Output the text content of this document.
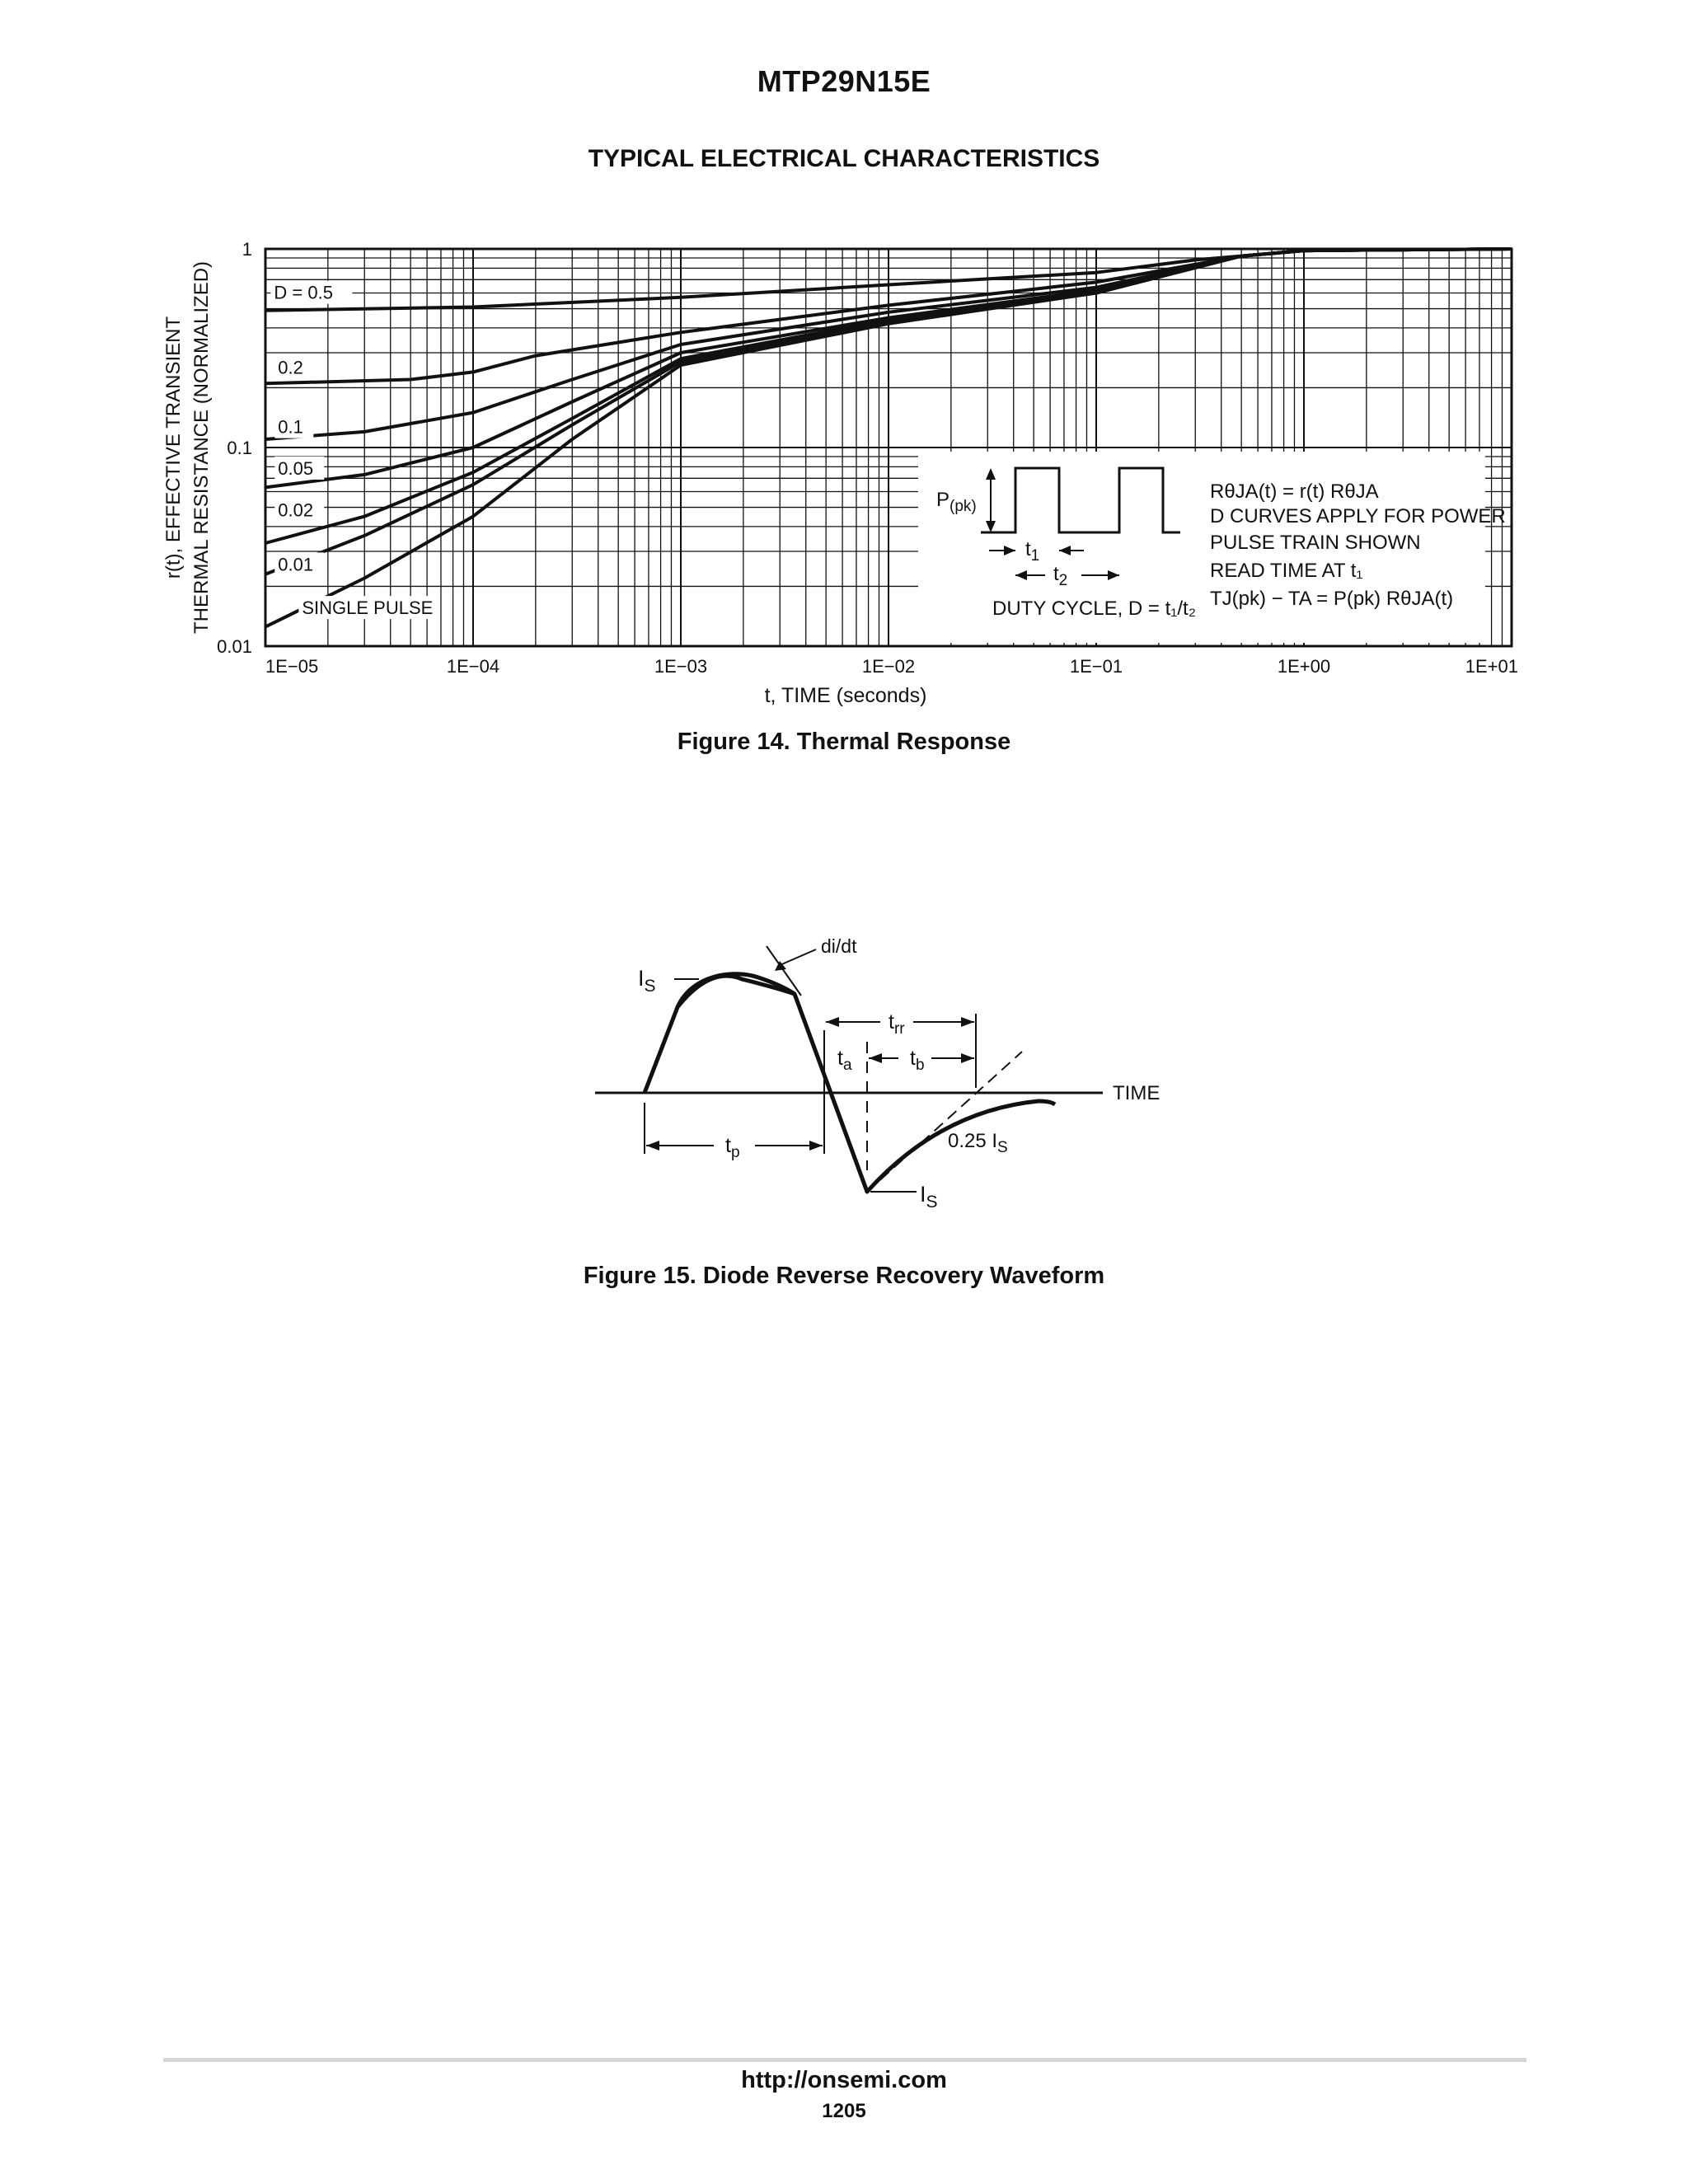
MTP29N15E
TYPICAL ELECTRICAL CHARACTERISTICS
D = 0.5
0.2
0.1
0.05
0.02
0.01
SINGLE PULSE
1E−05	1E−04	1E−03	1E−02	1E−01	1E+00	1E+01
0.01
0.1
1
$P_{(pk)}$
$t_1$
$t_2$
DUTY CYCLE, D = t₁/t₂
RθJA(t) = r(t) RθJA
D CURVES APPLY FOR POWER
PULSE TRAIN SHOWN
READ TIME AT t₁
TJ(pk) − TA = P(pk) RθJA(t)
t, TIME (seconds)
r(t), EFFECTIVE TRANSIENT THERMAL RESISTANCE (NORMALIZED)
Figure 14. Thermal Response
di/dt
$I_S$
$t_p$
$t_{rr}$
$t_a$	$t_b$
TIME
0.25 $I_S$
$I_S$
Figure 15. Diode Reverse Recovery Waveform
http://onsemi.com
1205
